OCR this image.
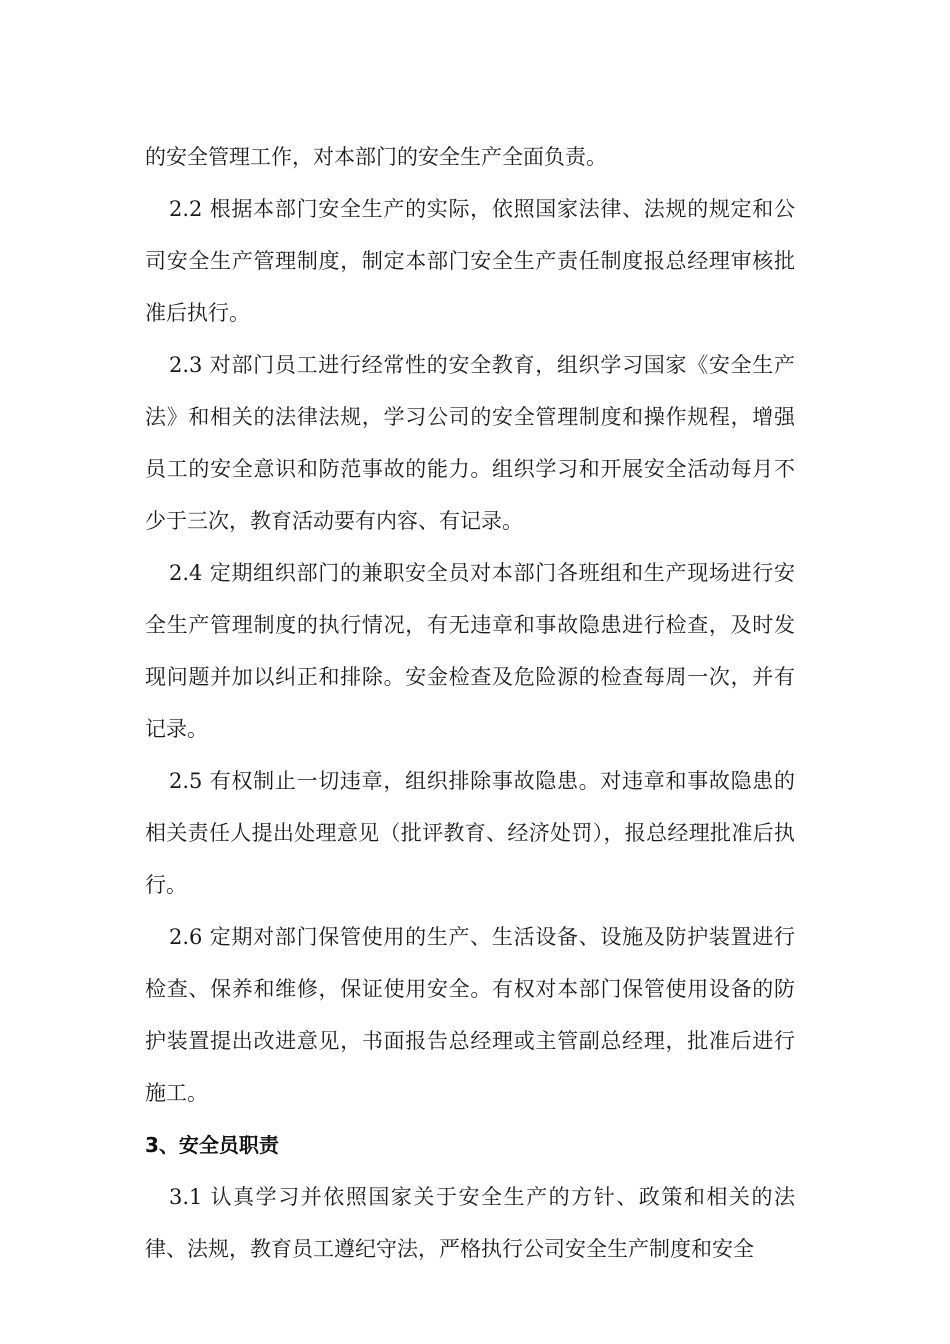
的安全管理工作，对本部门的安全生产全面负责。

2.2 根据本部门安全生产的实际，依照国家法律、法规的规定和公司安全生产管理制度，制定本部门安全生产责任制度报总经理审核批准后执行。

2.3 对部门员工进行经常性的安全教育，组织学习国家《安全生产法》和相关的法律法规，学习公司的安全管理制度和操作规程，增强员工的安全意识和防范事故的能力。组织学习和开展安全活动每月不少于三次，教育活动要有内容、有记录。

2.4 定期组织部门的兼职安全员对本部门各班组和生产现场进行安全生产管理制度的执行情况，有无违章和事故隐患进行检查，及时发现问题并加以纠正和排除。安金检查及危险源的检查每周一次，并有记录。

2.5 有权制止一切违章，组织排除事故隐患。对违章和事故隐患的相关责任人提出处理意见（批评教育、经济处罚），报总经理批准后执行。

2.6 定期对部门保管使用的生产、生活设备、设施及防护装置进行检查、保养和维修，保证使用安全。有权对本部门保管使用设备的防护装置提出改进意见，书面报告总经理或主管副总经理，批准后进行施工。

3、安全员职责

3.1 认真学习并依照国家关于安全生产的方针、政策和相关的法律、法规，教育员工遵纪守法，严格执行公司安全生产制度和安全
